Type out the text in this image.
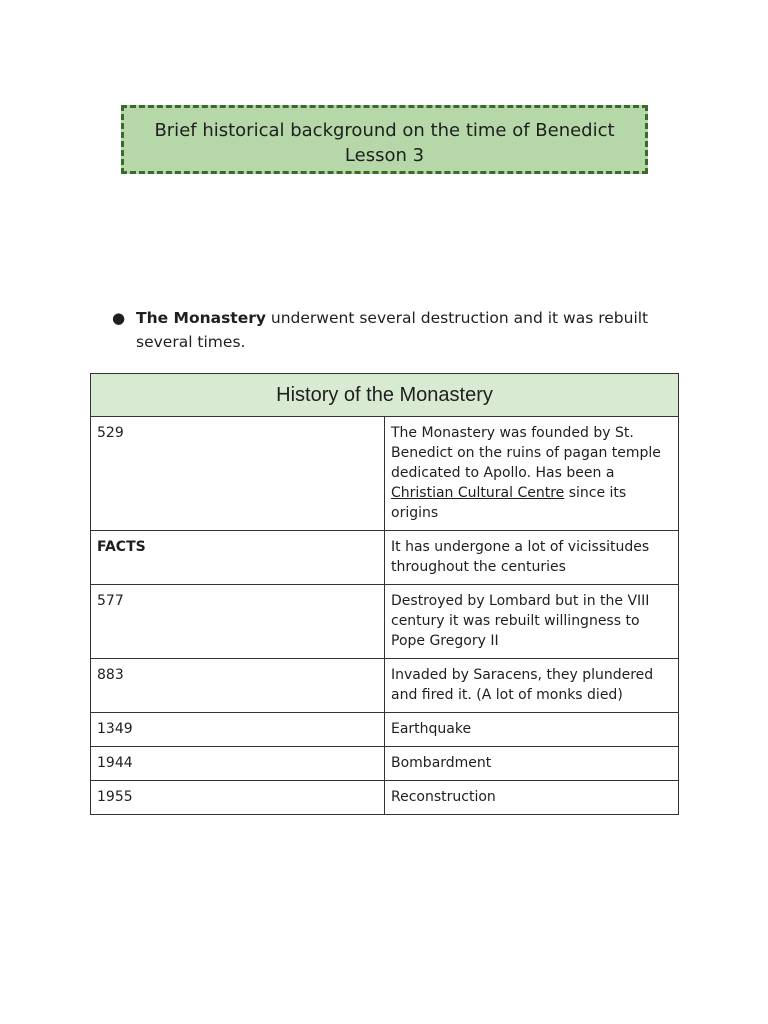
Brief historical background on the time of Benedict
Lesson 3
● The Monastery underwent several destruction and it was rebuilt several times.
History of the Monastery	
529	The Monastery was founded by St. Benedict on the ruins of pagan temple dedicated to Apollo. Has been a Christian Cultural Centre since its origins
FACTS	It has undergone a lot of vicissitudes throughout the centuries
577	Destroyed by Lombard but in the VIII century it was rebuilt willingness to Pope Gregory II
883	Invaded by Saracens, they plundered and fired it. (A lot of monks died)
1349	Earthquake
1944	Bombardment
1955	Reconstruction
